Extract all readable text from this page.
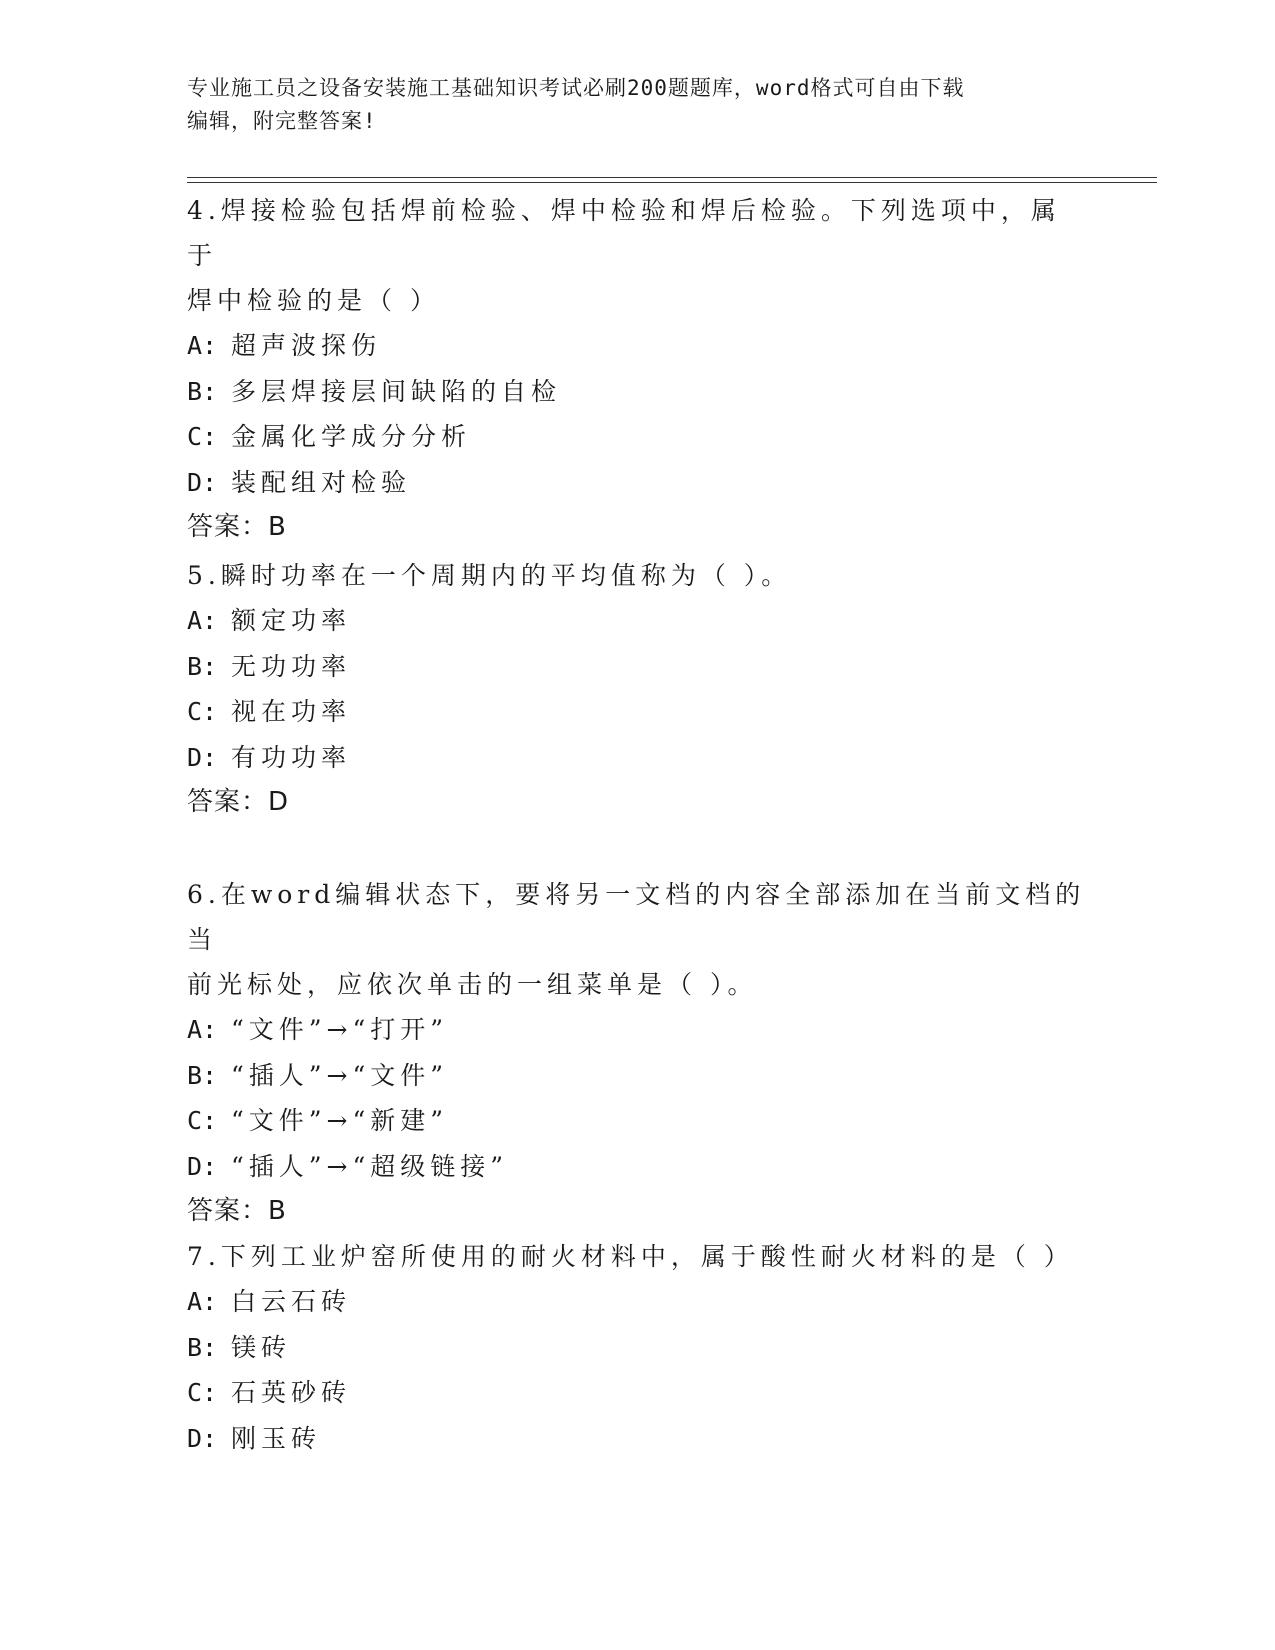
专业施工员之设备安装施工基础知识考试必刷200题题库，word格式可自由下载
编辑，附完整答案!
4.焊接检验包括焊前检验、焊中检验和焊后检验。下列选项中，属于
焊中检验的是（ ）
A: 超声波探伤
B: 多层焊接层间缺陷的自检
C: 金属化学成分分析
D: 装配组对检验
答案：B
5.瞬时功率在一个周期内的平均值称为（ ）。
A: 额定功率
B: 无功功率
C: 视在功率
D: 有功功率
答案：D
6.在word编辑状态下，要将另一文档的内容全部添加在当前文档的当
前光标处，应依次单击的一组菜单是（ ）。
A: “文件”→“打开”
B: “插人”→“文件”
C: “文件”→“新建”
D: “插人”→“超级链接”
答案：B
7.下列工业炉窑所使用的耐火材料中，属于酸性耐火材料的是（ ）
A: 白云石砖
B: 镁砖
C: 石英砂砖
D: 刚玉砖
